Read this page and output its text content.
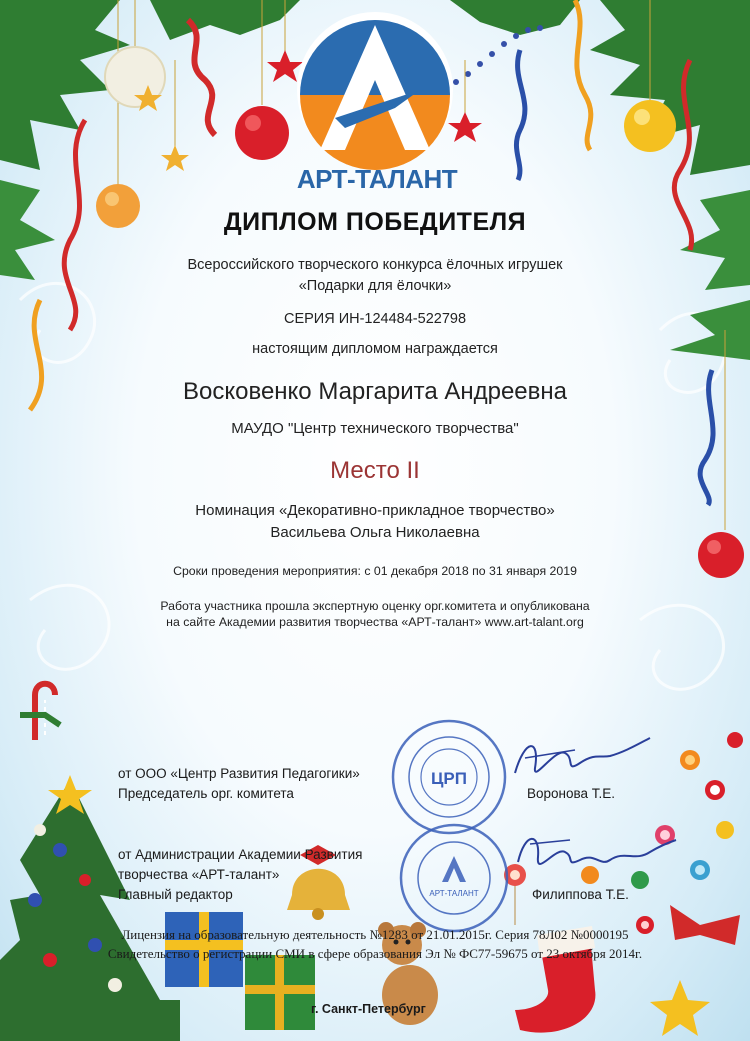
АРТ-ТАЛАНТ
ДИПЛОМ ПОБЕДИТЕЛЯ
Всероссийского творческого конкурса ёлочных игрушек
«Подарки для ёлочки»
СЕРИЯ ИН-124484-522798
настоящим дипломом награждается
Восковенко Маргарита Андреевна
МАУДО "Центр технического творчества"
Место II
Номинация «Декоративно-прикладное творчество»
Васильева Ольга Николаевна
Сроки проведения мероприятия: с 01 декабря 2018 по 31 января 2019
Работа участника прошла экспертную оценку орг.комитета и опубликована
на сайте Академии развития творчества «АРТ-талант» www.art-talant.org
ЦРП
АРТ-ТАЛАНТ
от ООО «Центр Развития Педагогики»
Председатель орг. комитета	Воронова Т.Е.
от Администрации Академии Развития
творчества «АРТ-талант»
Главный редактор	Филиппова Т.Е.
Лицензия на образовательную деятельность №1283 от 21.01.2015г. Серия 78Л02 №0000195
Свидетельство о регистрации СМИ в сфере образования Эл № ФС77-59675 от 23 октября 2014г.
г. Санкт-Петербург
